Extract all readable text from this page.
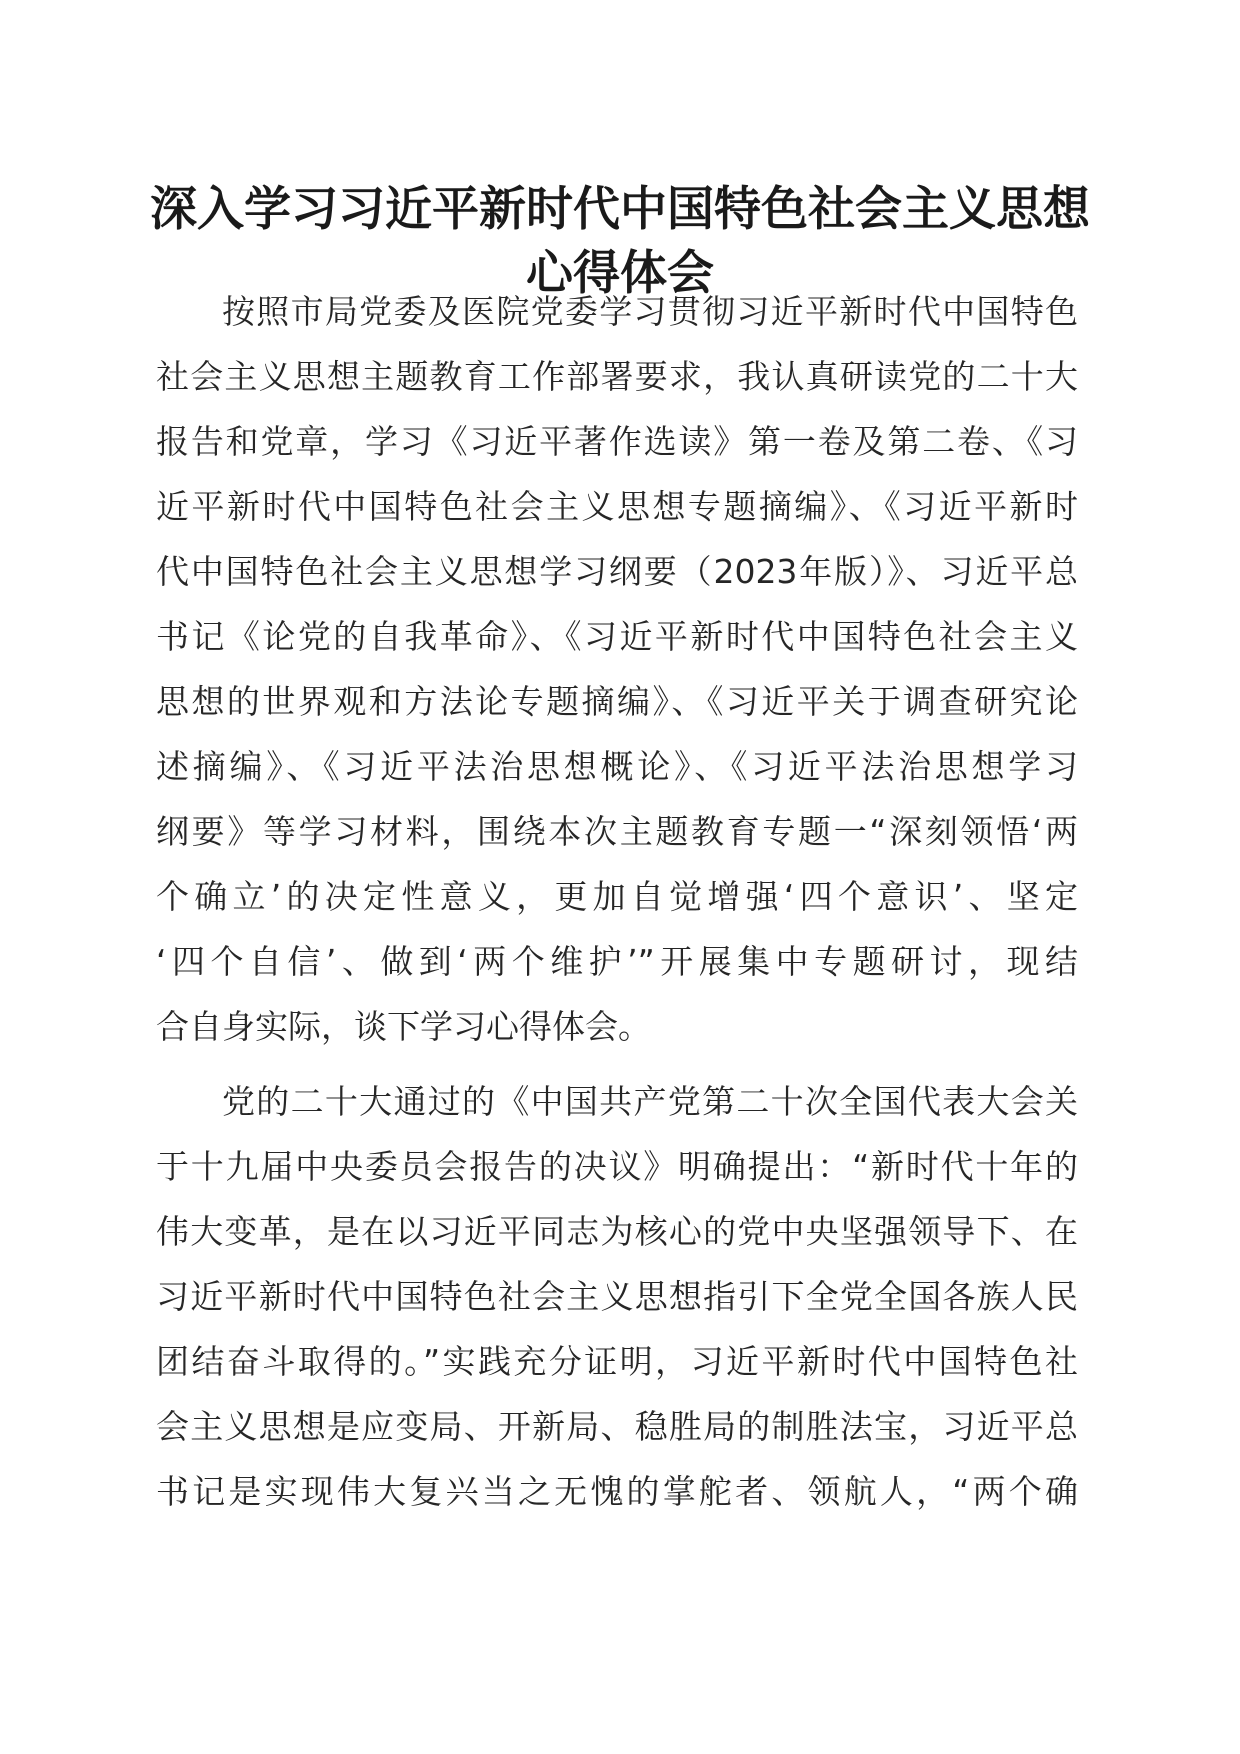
深入学习习近平新时代中国特色社会主义思想
心得体会
按照市局党委及医院党委学习贯彻习近平新时代中国特色
社会主义思想主题教育工作部署要求，我认真研读党的二十大
报告和党章，学习《习近平著作选读》第一卷及第二卷、《习
近平新时代中国特色社会主义思想专题摘编》、《习近平新时
代中国特色社会主义思想学习纲要（2023年版）》、习近平总
书记《论党的自我革命》、《习近平新时代中国特色社会主义
思想的世界观和方法论专题摘编》、《习近平关于调查研究论
述摘编》、《习近平法治思想概论》、《习近平法治思想学习
纲要》等学习材料，围绕本次主题教育专题一“深刻领悟‘两
个确立’的决定性意义，更加自觉增强‘四个意识’、坚定
‘四个自信’、做到‘两个维护’”开展集中专题研讨，现结
合自身实际，谈下学习心得体会。
党的二十大通过的《中国共产党第二十次全国代表大会关
于十九届中央委员会报告的决议》明确提出：“新时代十年的
伟大变革，是在以习近平同志为核心的党中央坚强领导下、在
习近平新时代中国特色社会主义思想指引下全党全国各族人民
团结奋斗取得的。”实践充分证明，习近平新时代中国特色社
会主义思想是应变局、开新局、稳胜局的制胜法宝，习近平总
书记是实现伟大复兴当之无愧的掌舵者、领航人，“两个确
